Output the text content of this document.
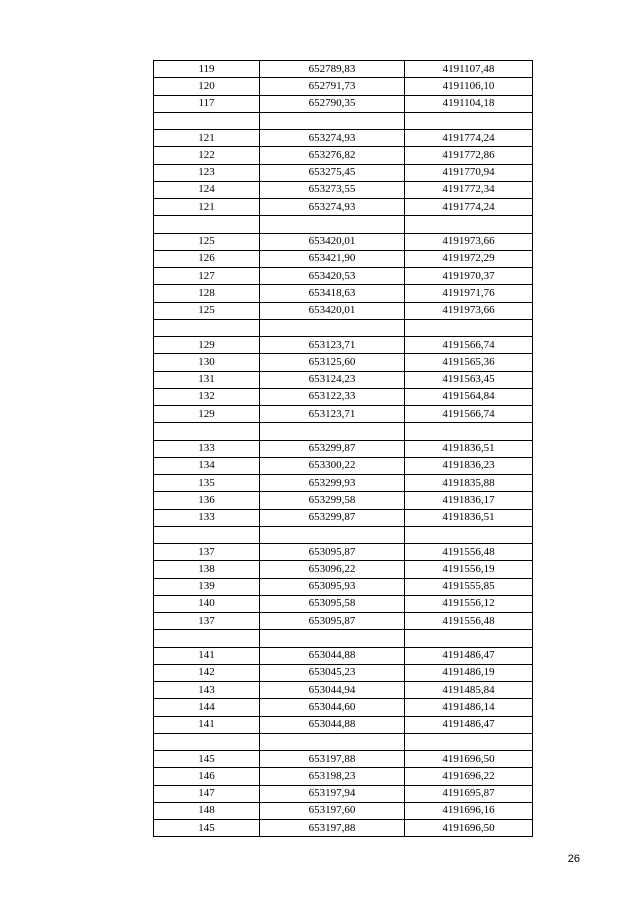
119	652789,83	4191107,48
120	652791,73	4191106,10
117	652790,35	4191104,18

121	653274,93	4191774,24
122	653276,82	4191772,86
123	653275,45	4191770,94
124	653273,55	4191772,34
121	653274,93	4191774,24

125	653420,01	4191973,66
126	653421,90	4191972,29
127	653420,53	4191970,37
128	653418,63	4191971,76
125	653420,01	4191973,66

129	653123,71	4191566,74
130	653125,60	4191565,36
131	653124,23	4191563,45
132	653122,33	4191564,84
129	653123,71	4191566,74

133	653299,87	4191836,51
134	653300,22	4191836,23
135	653299,93	4191835,88
136	653299,58	4191836,17
133	653299,87	4191836,51

137	653095,87	4191556,48
138	653096,22	4191556,19
139	653095,93	4191555,85
140	653095,58	4191556,12
137	653095,87	4191556,48

141	653044,88	4191486,47
142	653045,23	4191486,19
143	653044,94	4191485,84
144	653044,60	4191486,14
141	653044,88	4191486,47

145	653197,88	4191696,50
146	653198,23	4191696,22
147	653197,94	4191695,87
148	653197,60	4191696,16
145	653197,88	4191696,50
26
